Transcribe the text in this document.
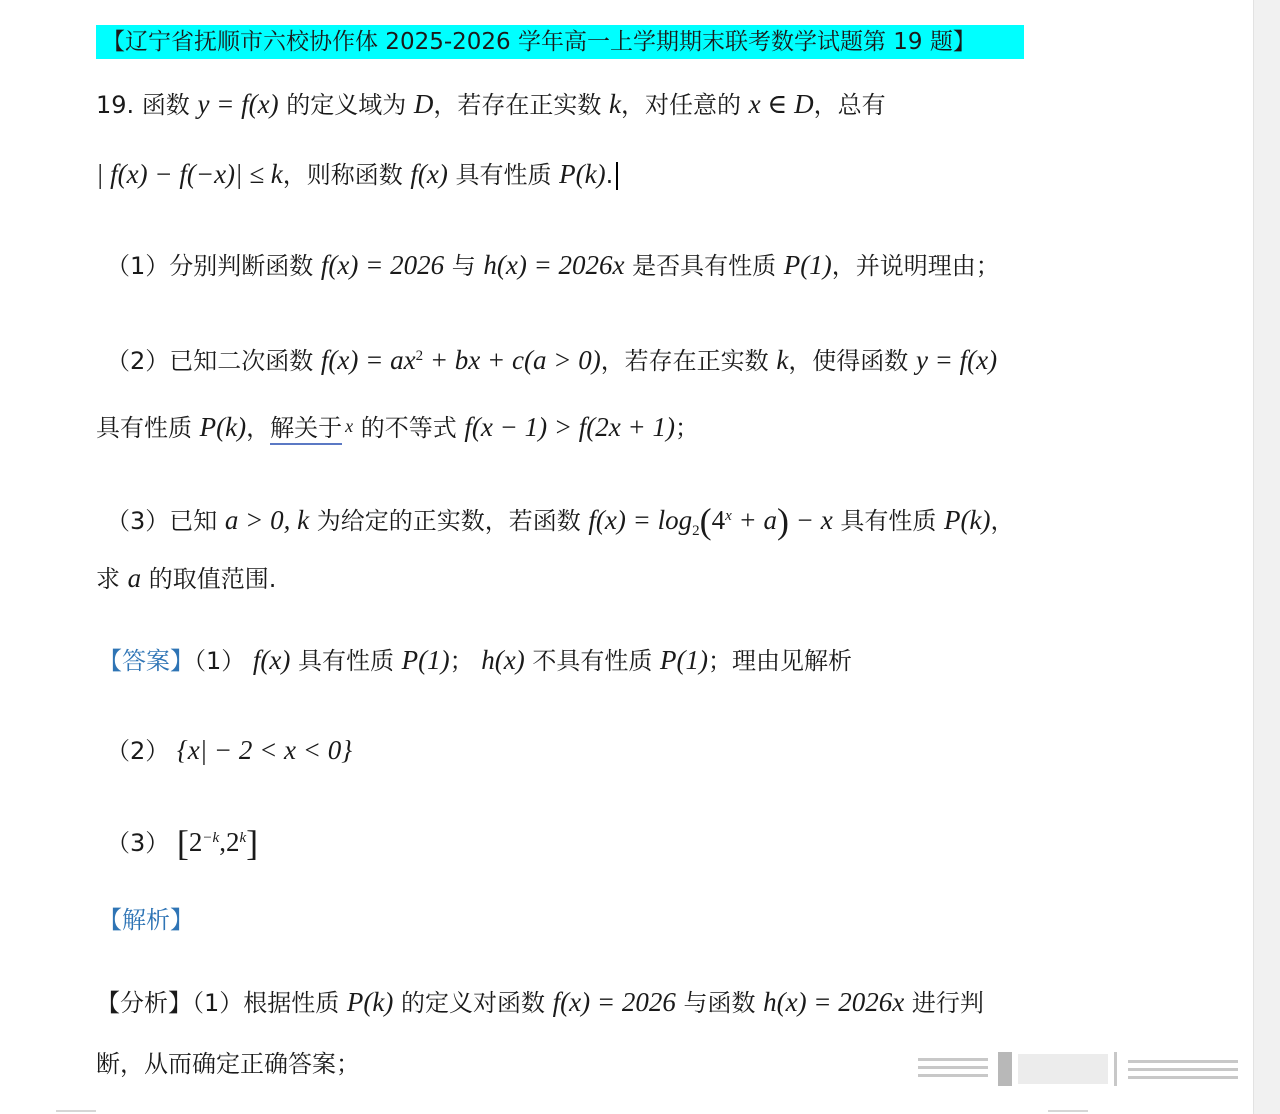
【辽宁省抚顺市六校协作体 2025-2026 学年高一上学期期末联考数学试题第 19 题】
19. 函数 y = f(x) 的定义域为 D，若存在正实数 k，对任意的 x ∈ D，总有
| f(x) − f(−x)| ≤ k，则称函数 f(x) 具有性质 P(k).
（1）分别判断函数 f(x) = 2026 与 h(x) = 2026x 是否具有性质 P(1)，并说明理由；
（2）已知二次函数 $f(x) = ax^2$ + bx + c(a > 0)，若存在正实数 k，使得函数 y = f(x)
具有性质 P(k)，解关于 x 的不等式 f(x − 1) > f(2x + 1)；
（3）已知 a > 0, k 为给定的正实数，若函数 $f(x) = \log_2(4^x + a) - x$ 具有性质 P(k)，
求 a 的取值范围.
【答案】（1） f(x) 具有性质 P(1)； h(x) 不具有性质 P(1)；理由见解析
（2） {x| − 2 < x < 0}
（3） $[2^{-k},2^k]$
【解析】
【分析】（1）根据性质 P(k) 的定义对函数 f(x) = 2026 与函数 h(x) = 2026x 进行判
断，从而确定正确答案；
